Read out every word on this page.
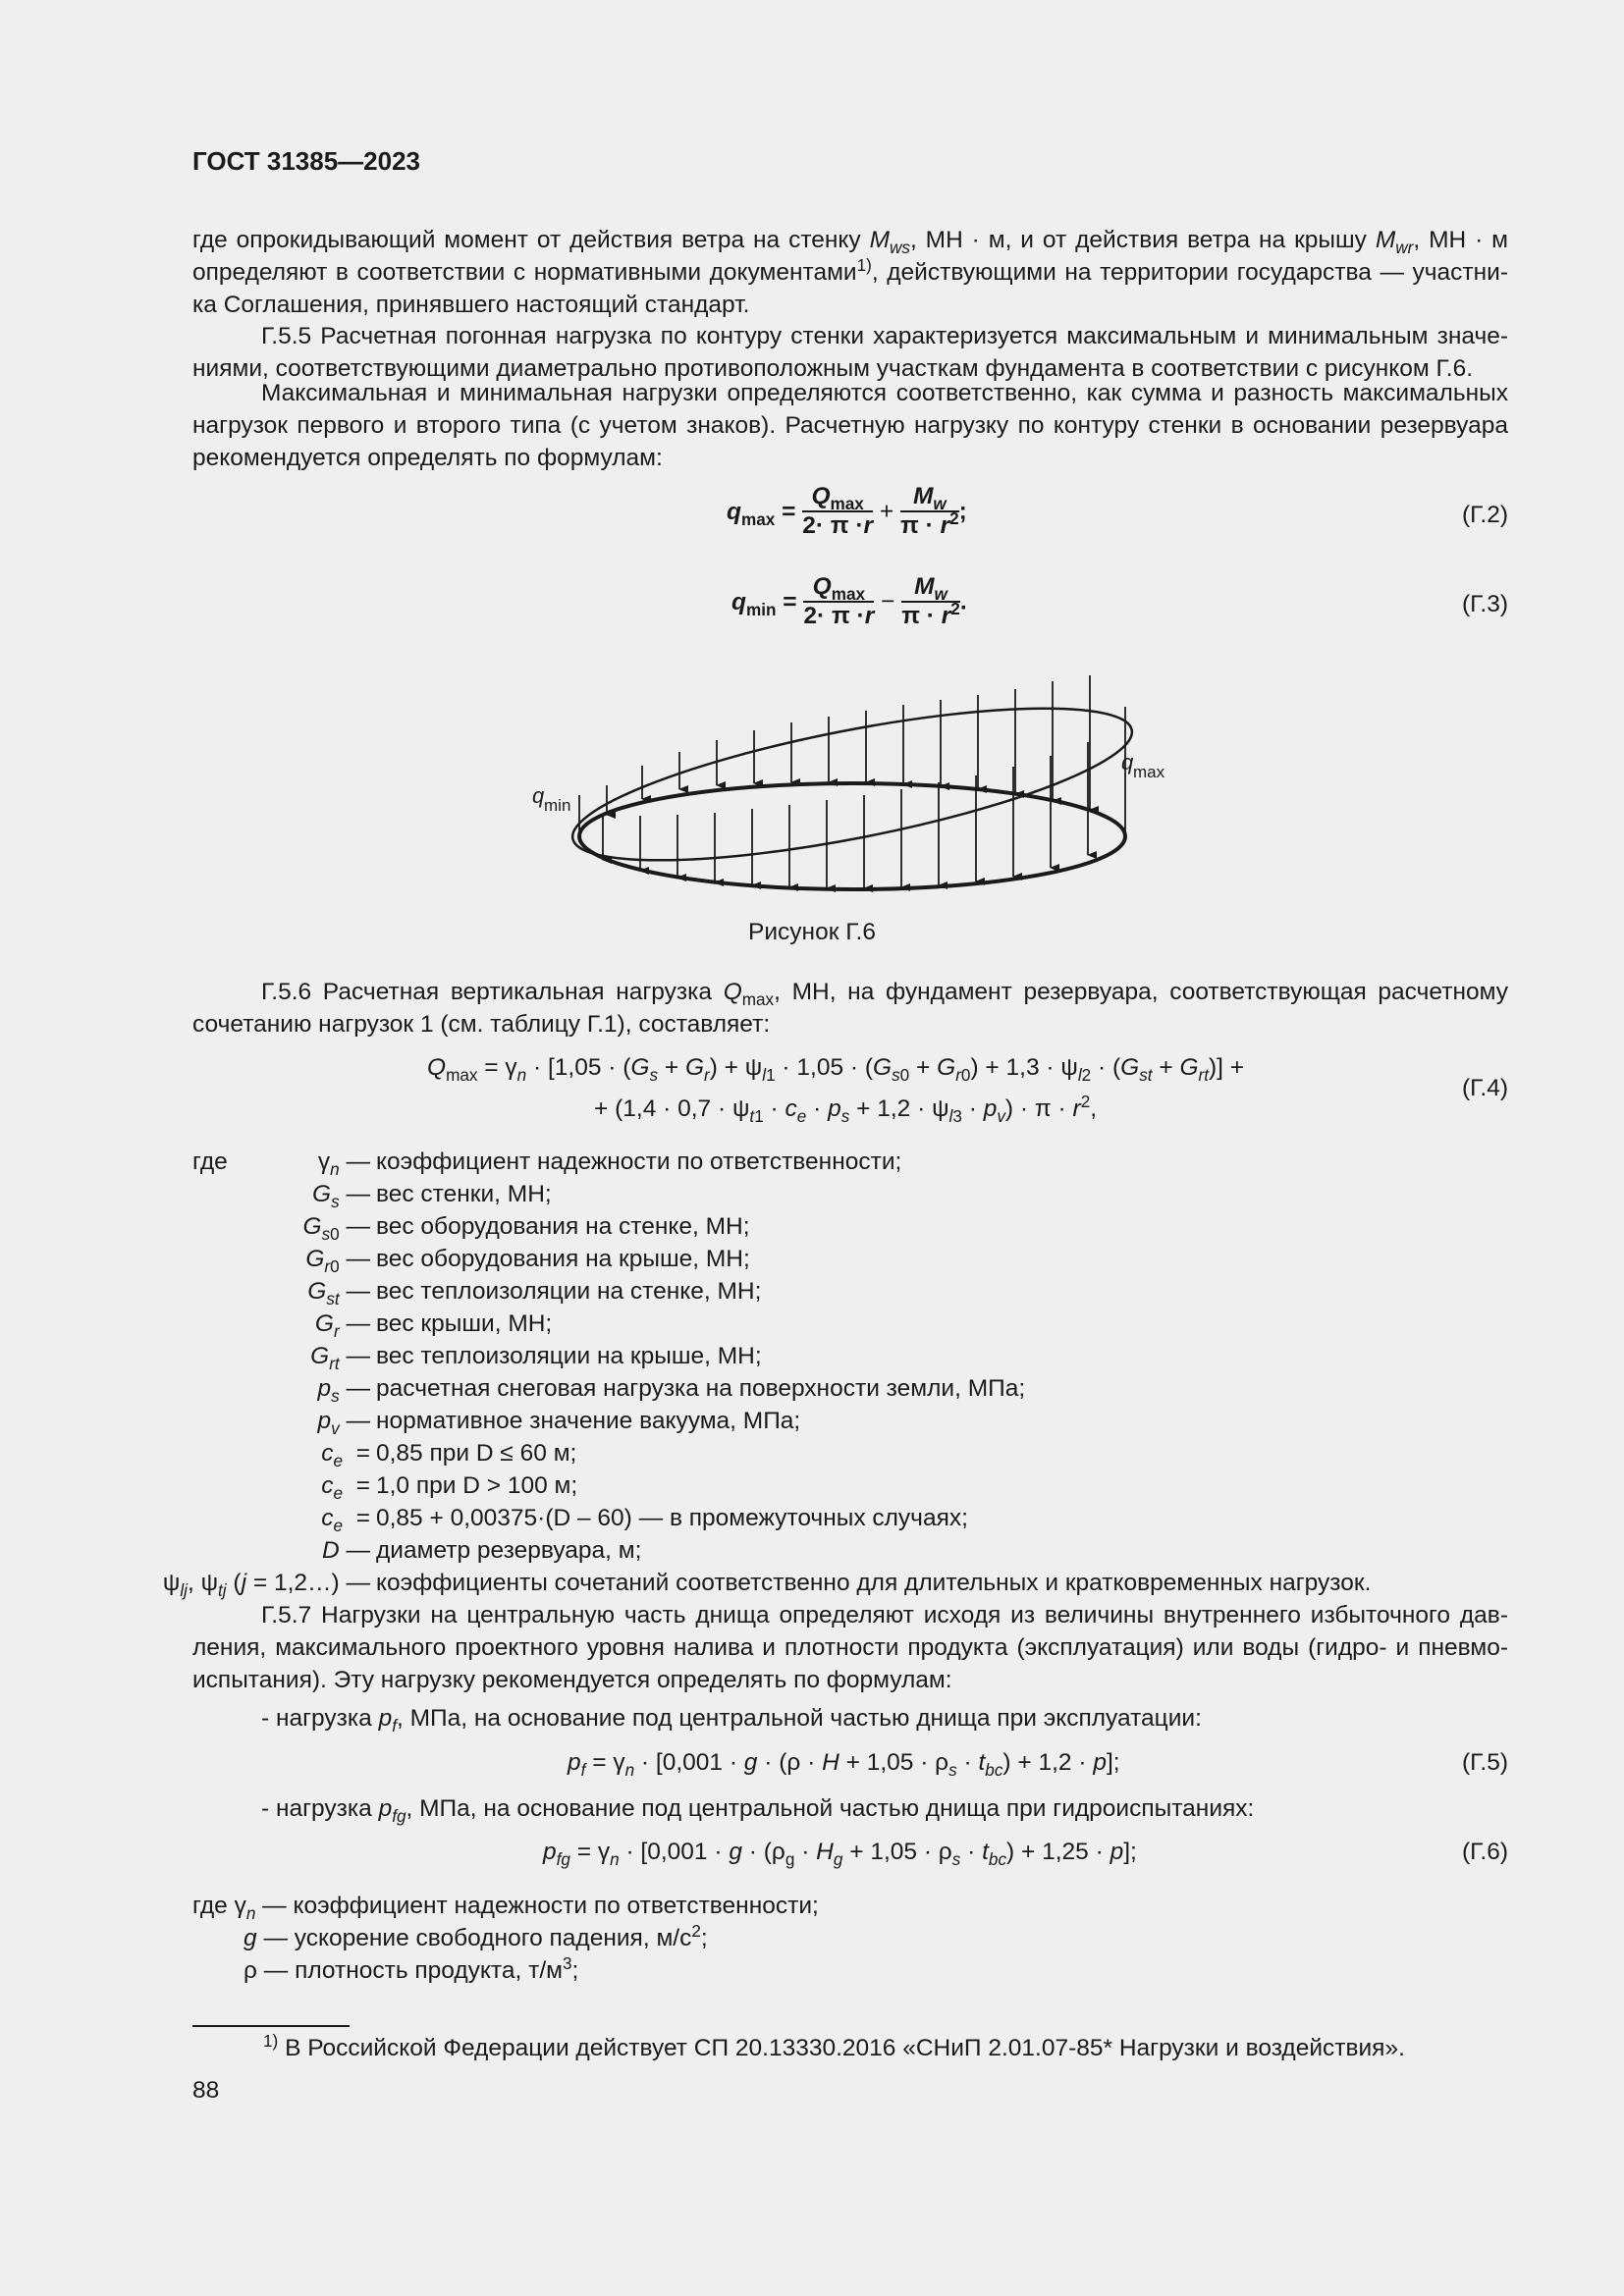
ГОСТ 31385—2023
где опрокидывающий момент от действия ветра на стенку $M_{ws}$, МН · м, и от действия ветра на крышу $M_{wr}$, МН · м
определяют в соответствии с нормативными документами$^{1)}$, действующими на территории государства — участни-
ка Соглашения, принявшего настоящий стандарт.
Г.5.5 Расчетная погонная нагрузка по контуру стенки характеризуется максимальным и минимальным значе-
ниями, соответствующими диаметрально противоположным участкам фундамента в соответствии с рисунком Г.6.
Максимальная и минимальная нагрузки определяются соответственно, как сумма и разность максимальных
нагрузок первого и второго типа (с учетом знаков). Расчетную нагрузку по контуру стенки в основании резервуара
рекомендуется определять по формулам:
$q_{max} = \frac{Q_{max}}{2\cdot \pi \cdot r} + \frac{M_w}{\pi \cdot r^2}$ ;	(Г.2)
$q_{min} = \frac{Q_{max}}{2\cdot \pi \cdot r} - \frac{M_w}{\pi \cdot r^2}$ .	(Г.3)
q min
q max
Рисунок Г.6
Г.5.6 Расчетная вертикальная нагрузка $Q_{max}$, МН, на фундамент резервуара, соответствующая расчетному
сочетанию нагрузок 1 (см. таблицу Г.1), составляет:
$Q_{max} = \gamma_n \cdot [1,05 \cdot (G_s + G_r) + \psi_{l1} \cdot 1,05 \cdot (G_{s0} + G_{r0}) + 1,3 \cdot \psi_{l2} \cdot (G_{st} + G_{rt})]$ +
+ $(1,4 \cdot 0,7 \cdot \psi_{t1} \cdot c_e \cdot p_s + 1,2 \cdot \psi_{l3} \cdot p_v) \cdot \pi \cdot r^2$,
(Г.4)
где	$\gamma_n$ — коэффициент надежности по ответственности;
$G_s$ — вес стенки, МН;
$G_{s0}$ — вес оборудования на стенке, МН;
$G_{r0}$ — вес оборудования на крыше, МН;
$G_{st}$ — вес теплоизоляции на стенке, МН;
$G_r$ — вес крыши, МН;
$G_{rt}$ — вес теплоизоляции на крыше, МН;
$p_s$ — расчетная снеговая нагрузка на поверхности земли, МПа;
$p_v$ — нормативное значение вакуума, МПа;
$c_e = 0,85$ при D ≤ 60 м;
$c_e = 1,0$ при D > 100 м;
$c_e = 0,85 + 0,00375\cdot(D - 60)$ — в промежуточных случаях;
D — диаметр резервуара, м;
$\psi_{lj}$, $\psi_{tj}$ (j = 1,2…) — коэффициенты сочетаний соответственно для длительных и кратковременных нагрузок.
Г.5.7 Нагрузки на центральную часть днища определяют исходя из величины внутреннего избыточного дав-
ления, максимального проектного уровня налива и плотности продукта (эксплуатация) или воды (гидро- и пневмо-
испытания). Эту нагрузку рекомендуется определять по формулам:
- нагрузка $p_f$, МПа, на основание под центральной частью днища при эксплуатации:
$p_f = \gamma_n \cdot [0,001 \cdot g \cdot (\rho \cdot H + 1,05 \cdot \rho_s \cdot t_{bc}) + 1,2 \cdot p]$;	(Г.5)
- нагрузка $p_{fg}$, МПа, на основание под центральной частью днища при гидроиспытаниях:
$p_{fg} = \gamma_n \cdot [0,001 \cdot g \cdot (\rho_g \cdot H_g + 1,05 \cdot \rho_s \cdot t_{bc}) + 1,25 \cdot p]$;	(Г.6)
где $\gamma_n$ — коэффициент надежности по ответственности;
g — ускорение свободного падения, $м/с^2$;
ρ — плотность продукта, $т/м^3$;
$^{1)}$ В Российской Федерации действует СП 20.13330.2016 «СНиП 2.01.07-85* Нагрузки и воздействия».
88
